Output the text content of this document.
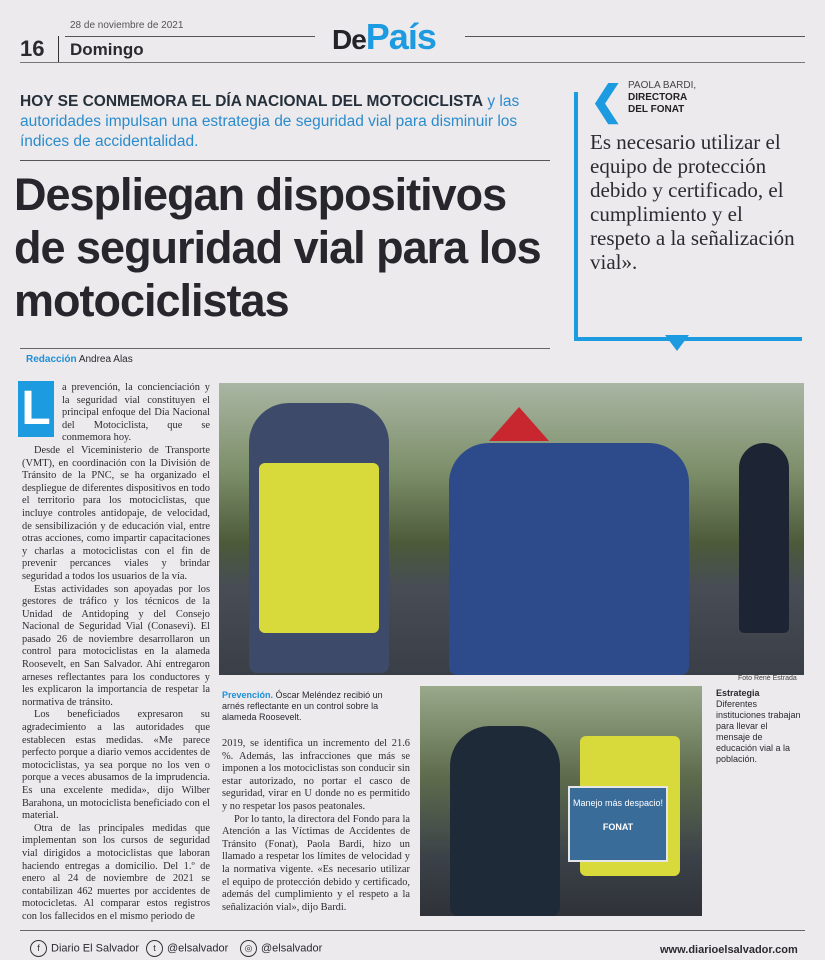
28 de noviembre de 2021
16 Domingo	DePaís
HOY SE CONMEMORA EL DÍA NACIONAL DEL MOTOCICLISTA y las autoridades impulsan una estrategia de seguridad vial para disminuir los índices de accidentalidad.
Despliegan dispositivos de seguridad vial para los motociclistas
Redacción Andrea Alas
❮ PAOLA BARDI,
DIRECTORA
DEL FONAT
Es necesario utilizar el equipo de protección debido y certificado, el cumplimiento y el respeto a la señalización vial».
L	a prevención, la concienciación y la seguridad vial constituyen el principal enfoque del Día Nacional del Motociclista, que se conmemora hoy.

Desde el Viceministerio de Transporte (VMT), en coordinación con la División de Tránsito de la PNC, se ha organizado el despliegue de diferentes dispositivos en todo el territorio para los motociclistas, que incluye controles antidopaje, de velocidad, de sensibilización y de educación vial, entre otras acciones, como impartir capacitaciones y charlas a motociclistas con el fin de prevenir percances viales y brindar seguridad a todos los usuarios de la vía.

Estas actividades son apoyadas por los gestores de tráfico y los técnicos de la Unidad de Antidoping y del Consejo Nacional de Seguridad Vial (Conasevi). El pasado 26 de noviembre desarrollaron un control para motociclistas en la alameda Roosevelt, en San Salvador. Ahí entregaron arneses reflectantes para los conductores y les explicaron la importancia de respetar la normativa de tránsito.

Los beneficiados expresaron su agradecimiento a las autoridades que establecen estas medidas. «Me parece perfecto porque a diario vemos accidentes de motociclistas, ya sea porque no los ven o porque a veces abusamos de la imprudencia. Es una excelente medida», dijo Wilber Barahona, un motociclista beneficiado con el material.

Otra de las principales medidas que implementan son los cursos de seguridad vial dirigidos a motociclistas que laboran haciendo entregas a domicilio. Del 1.º de enero al 24 de noviembre de 2021 se contabilizan 462 muertes por accidentes de motocicletas. Al comparar estos registros con los fallecidos en el mismo periodo de

Foto René Estrada
Prevención. Óscar Meléndez recibió un arnés reflectante en un control sobre la alameda Roosevelt.

2019, se identifica un incremento del 21.6 %. Además, las infracciones que más se imponen a los motociclistas son conducir sin estar autorizado, no portar el casco de seguridad, virar en U donde no es permitido y no respetar los pasos peatonales.

Por lo tanto, la directora del Fondo para la Atención a las Víctimas de Accidentes de Tránsito (Fonat), Paola Bardi, hizo un llamado a respetar los límites de velocidad y la normativa vigente. «Es necesario utilizar el equipo de protección debido y certificado, además del cumplimiento y el respeto a la señalización vial», dijo Bardi.

Manejo más despacio!
FONAT
Estrategia
Diferentes instituciones trabajan para llevar el mensaje de educación vial a la población.
f Diario El Salvador	t @elsalvador	◎ @elsalvador	www.diarioelsalvador.com
